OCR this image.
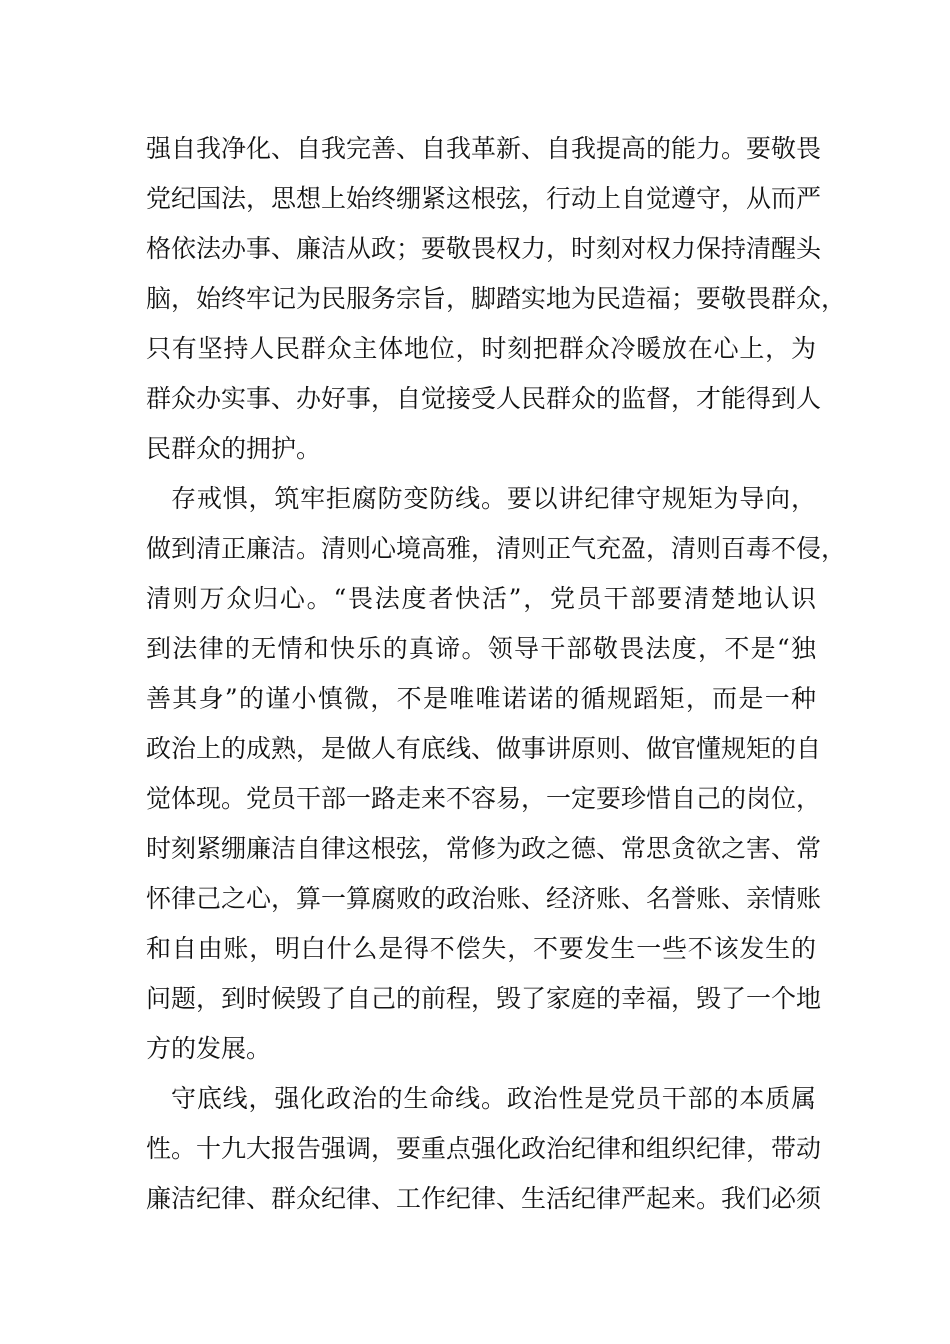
强自我净化、自我完善、自我革新、自我提高的能力。要敬畏
党纪国法，思想上始终绷紧这根弦，行动上自觉遵守，从而严
格依法办事、廉洁从政；要敬畏权力，时刻对权力保持清醒头
脑，始终牢记为民服务宗旨，脚踏实地为民造福；要敬畏群众，
只有坚持人民群众主体地位，时刻把群众冷暖放在心上，为
群众办实事、办好事，自觉接受人民群众的监督，才能得到人
民群众的拥护。
存戒惧，筑牢拒腐防变防线。要以讲纪律守规矩为导向，
做到清正廉洁。清则心境高雅，清则正气充盈，清则百毒不侵，
清则万众归心。“畏法度者快活”，党员干部要清楚地认识
到法律的无情和快乐的真谛。领导干部敬畏法度，不是“独
善其身”的谨小慎微，不是唯唯诺诺的循规蹈矩，而是一种
政治上的成熟，是做人有底线、做事讲原则、做官懂规矩的自
觉体现。党员干部一路走来不容易，一定要珍惜自己的岗位，
时刻紧绷廉洁自律这根弦，常修为政之德、常思贪欲之害、常
怀律己之心，算一算腐败的政治账、经济账、名誉账、亲情账
和自由账，明白什么是得不偿失，不要发生一些不该发生的
问题，到时候毁了自己的前程，毁了家庭的幸福，毁了一个地
方的发展。
守底线，强化政治的生命线。政治性是党员干部的本质属
性。十九大报告强调，要重点强化政治纪律和组织纪律，带动
廉洁纪律、群众纪律、工作纪律、生活纪律严起来。我们必须
